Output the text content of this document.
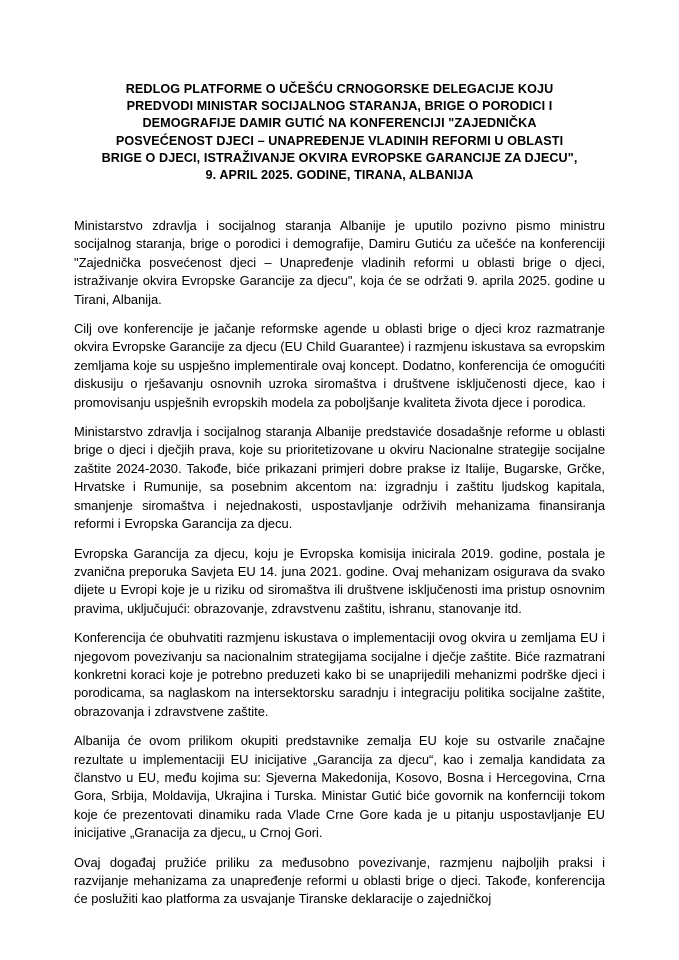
REDLOG PLATFORME O UČEŠĆU CRNOGORSKE DELEGACIJE KOJU
PREDVODI MINISTAR SOCIJALNOG STARANJA, BRIGE O PORODICI I
DEMOGRAFIJE DAMIR GUTIĆ NA KONFERENCIJI "ZAJEDNIČKA
POSVEĆENOST DJECI – UNAPREĐENJE VLADINIH REFORMI U OBLASTI
BRIGE O DJECI, ISTRAŽIVANJE OKVIRA EVROPSKE GARANCIJE ZA DJECU",
9. APRIL 2025. GODINE, TIRANA, ALBANIJA

Ministarstvo zdravlja i socijalnog staranja Albanije je uputilo pozivno pismo ministru socijalnog staranja, brige o porodici i demografije, Damiru Gutiću za učešće na konferenciji "Zajednička posvećenost djeci – Unapređenje vladinih reformi u oblasti brige o djeci, istraživanje okvira Evropske Garancije za djecu", koja će se održati 9. aprila 2025. godine u Tirani, Albanija.

Cilj ove konferencije je jačanje reformske agende u oblasti brige o djeci kroz razmatranje okvira Evropske Garancije za djecu (EU Child Guarantee) i razmjenu iskustava sa evropskim zemljama koje su uspješno implementirale ovaj koncept. Dodatno, konferencija će omogućiti diskusiju o rješavanju osnovnih uzroka siromaštva i društvene isključenosti djece, kao i promovisanju uspješnih evropskih modela za poboljšanje kvaliteta života djece i porodica.

Ministarstvo zdravlja i socijalnog staranja Albanije predstaviće dosadašnje reforme u oblasti brige o djeci i dječjih prava, koje su prioritetizovane u okviru Nacionalne strategije socijalne zaštite 2024-2030. Takođe, biće prikazani primjeri dobre prakse iz Italije, Bugarske, Grčke, Hrvatske i Rumunije, sa posebnim akcentom na: izgradnju i zaštitu ljudskog kapitala, smanjenje siromaštva i nejednakosti, uspostavljanje održivih mehanizama finansiranja reformi i Evropska Garancija za djecu.

Evropska Garancija za djecu, koju je Evropska komisija inicirala 2019. godine, postala je zvanična preporuka Savjeta EU 14. juna 2021. godine. Ovaj mehanizam osigurava da svako dijete u Evropi koje je u riziku od siromaštva ili društvene isključenosti ima pristup osnovnim pravima, uključujući: obrazovanje, zdravstvenu zaštitu, ishranu, stanovanje itd.

Konferencija će obuhvatiti razmjenu iskustava o implementaciji ovog okvira u zemljama EU i njegovom povezivanju sa nacionalnim strategijama socijalne i dječje zaštite. Biće razmatrani konkretni koraci koje je potrebno preduzeti kako bi se unaprijedili mehanizmi podrške djeci i porodicama, sa naglaskom na intersektorsku saradnju i integraciju politika socijalne zaštite, obrazovanja i zdravstvene zaštite.

Albanija će ovom prilikom okupiti predstavnike zemalja EU koje su ostvarile značajne rezultate u implementaciji EU inicijative „Garancija za djecu“, kao i zemalja kandidata za članstvo u EU, među kojima su: Sjeverna Makedonija, Kosovo, Bosna i Hercegovina, Crna Gora, Srbija, Moldavija, Ukrajina i Turska. Ministar Gutić biće govornik na konfernciji tokom koje će prezentovati dinamiku rada Vlade Crne Gore kada je u pitanju uspostavljanje EU inicijative „Granacija za djecu„ u Crnoj Gori.

Ovaj događaj pružiće priliku za međusobno povezivanje, razmjenu najboljih praksi i razvijanje mehanizama za unapređenje reformi u oblasti brige o djeci. Takođe, konferencija će poslužiti kao platforma za usvajanje Tiranske deklaracije o zajedničkoj
